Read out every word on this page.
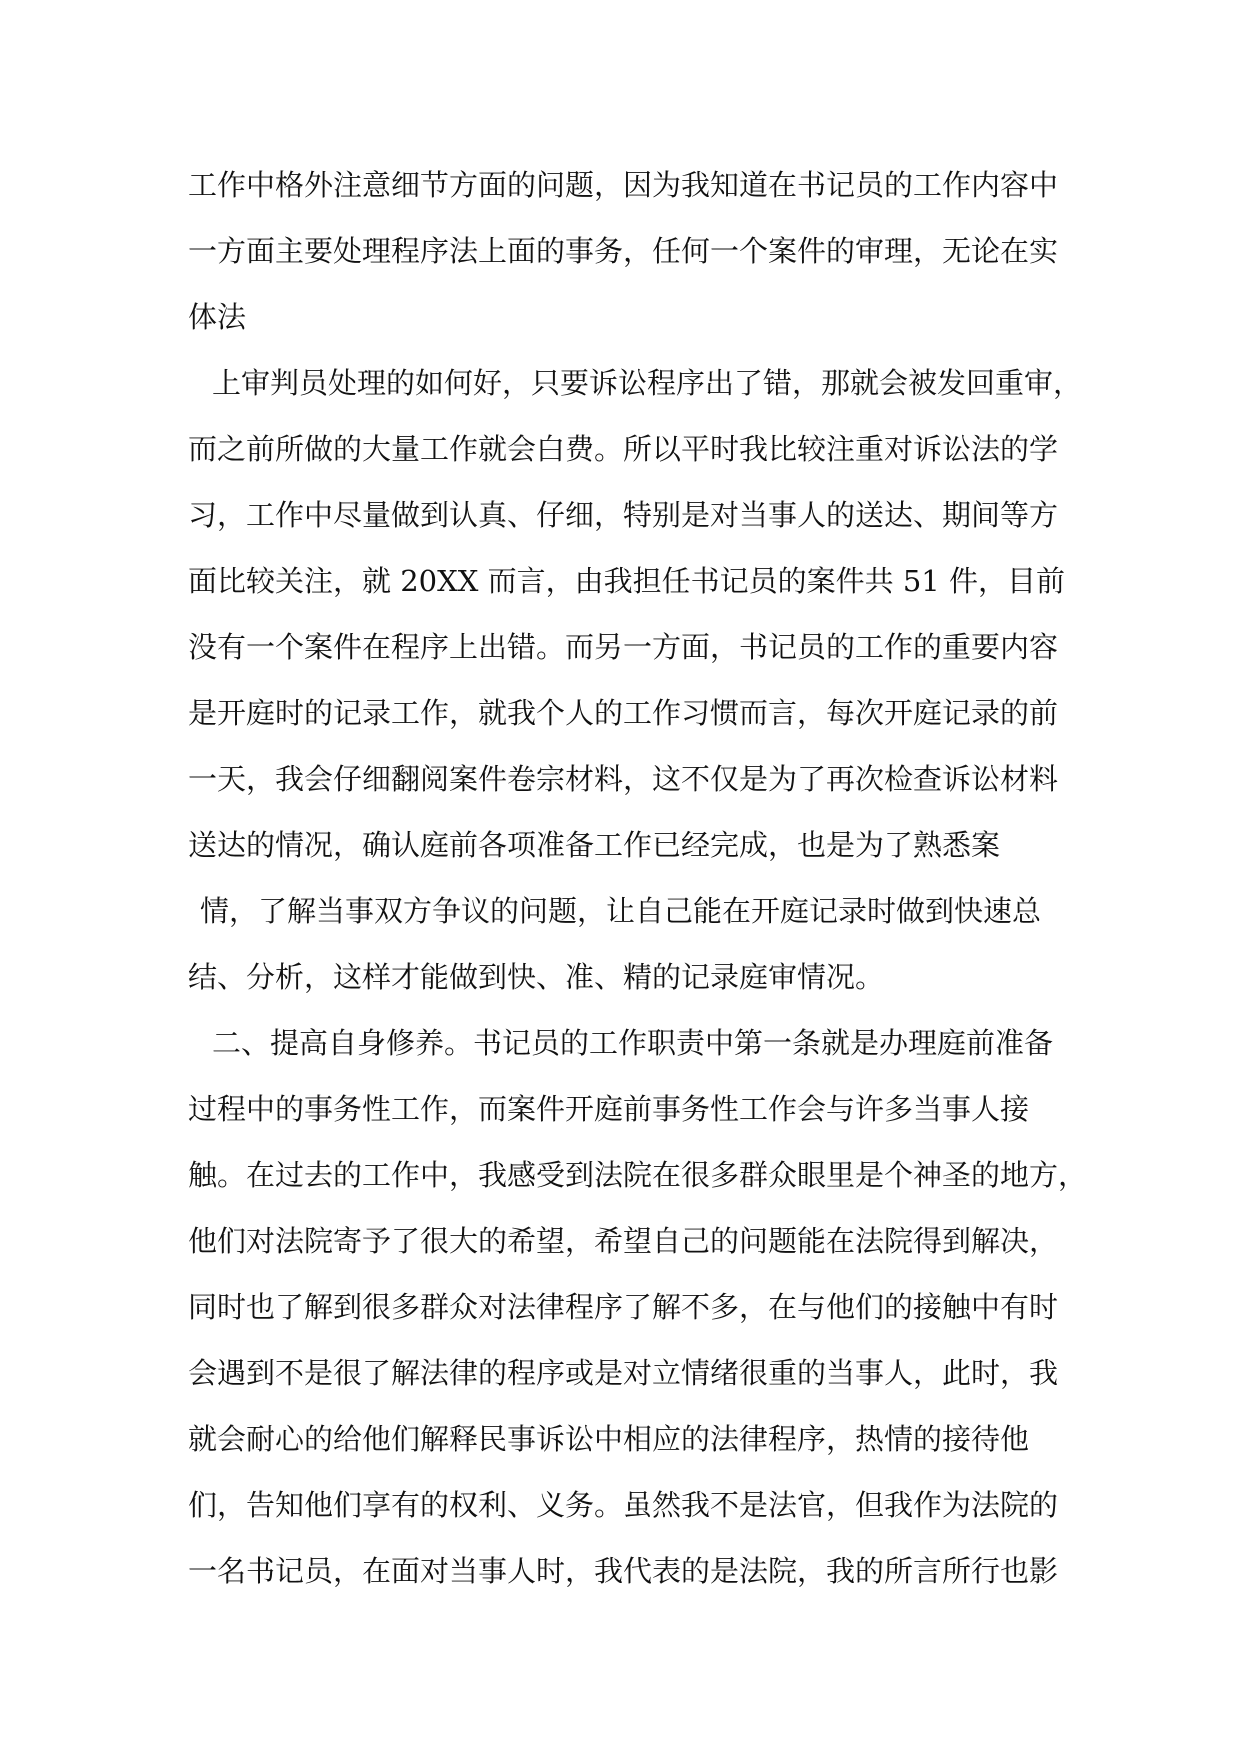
工作中格外注意细节方面的问题，因为我知道在书记员的工作内容中
一方面主要处理程序法上面的事务，任何一个案件的审理，无论在实
体法
上审判员处理的如何好，只要诉讼程序出了错，那就会被发回重审，
而之前所做的大量工作就会白费。所以平时我比较注重对诉讼法的学
习，工作中尽量做到认真、仔细，特别是对当事人的送达、期间等方
面比较关注，就 20XX 而言，由我担任书记员的案件共 51 件，目前
没有一个案件在程序上出错。而另一方面，书记员的工作的重要内容
是开庭时的记录工作，就我个人的工作习惯而言，每次开庭记录的前
一天，我会仔细翻阅案件卷宗材料，这不仅是为了再次检查诉讼材料
送达的情况，确认庭前各项准备工作已经完成，也是为了熟悉案
情，了解当事双方争议的问题，让自己能在开庭记录时做到快速总
结、分析，这样才能做到快、准、精的记录庭审情况。
二、提高自身修养。书记员的工作职责中第一条就是办理庭前准备
过程中的事务性工作，而案件开庭前事务性工作会与许多当事人接
触。在过去的工作中，我感受到法院在很多群众眼里是个神圣的地方，
他们对法院寄予了很大的希望，希望自己的问题能在法院得到解决，
同时也了解到很多群众对法律程序了解不多，在与他们的接触中有时
会遇到不是很了解法律的程序或是对立情绪很重的当事人，此时，我
就会耐心的给他们解释民事诉讼中相应的法律程序，热情的接待他
们，告知他们享有的权利、义务。虽然我不是法官，但我作为法院的
一名书记员，在面对当事人时，我代表的是法院，我的所言所行也影
